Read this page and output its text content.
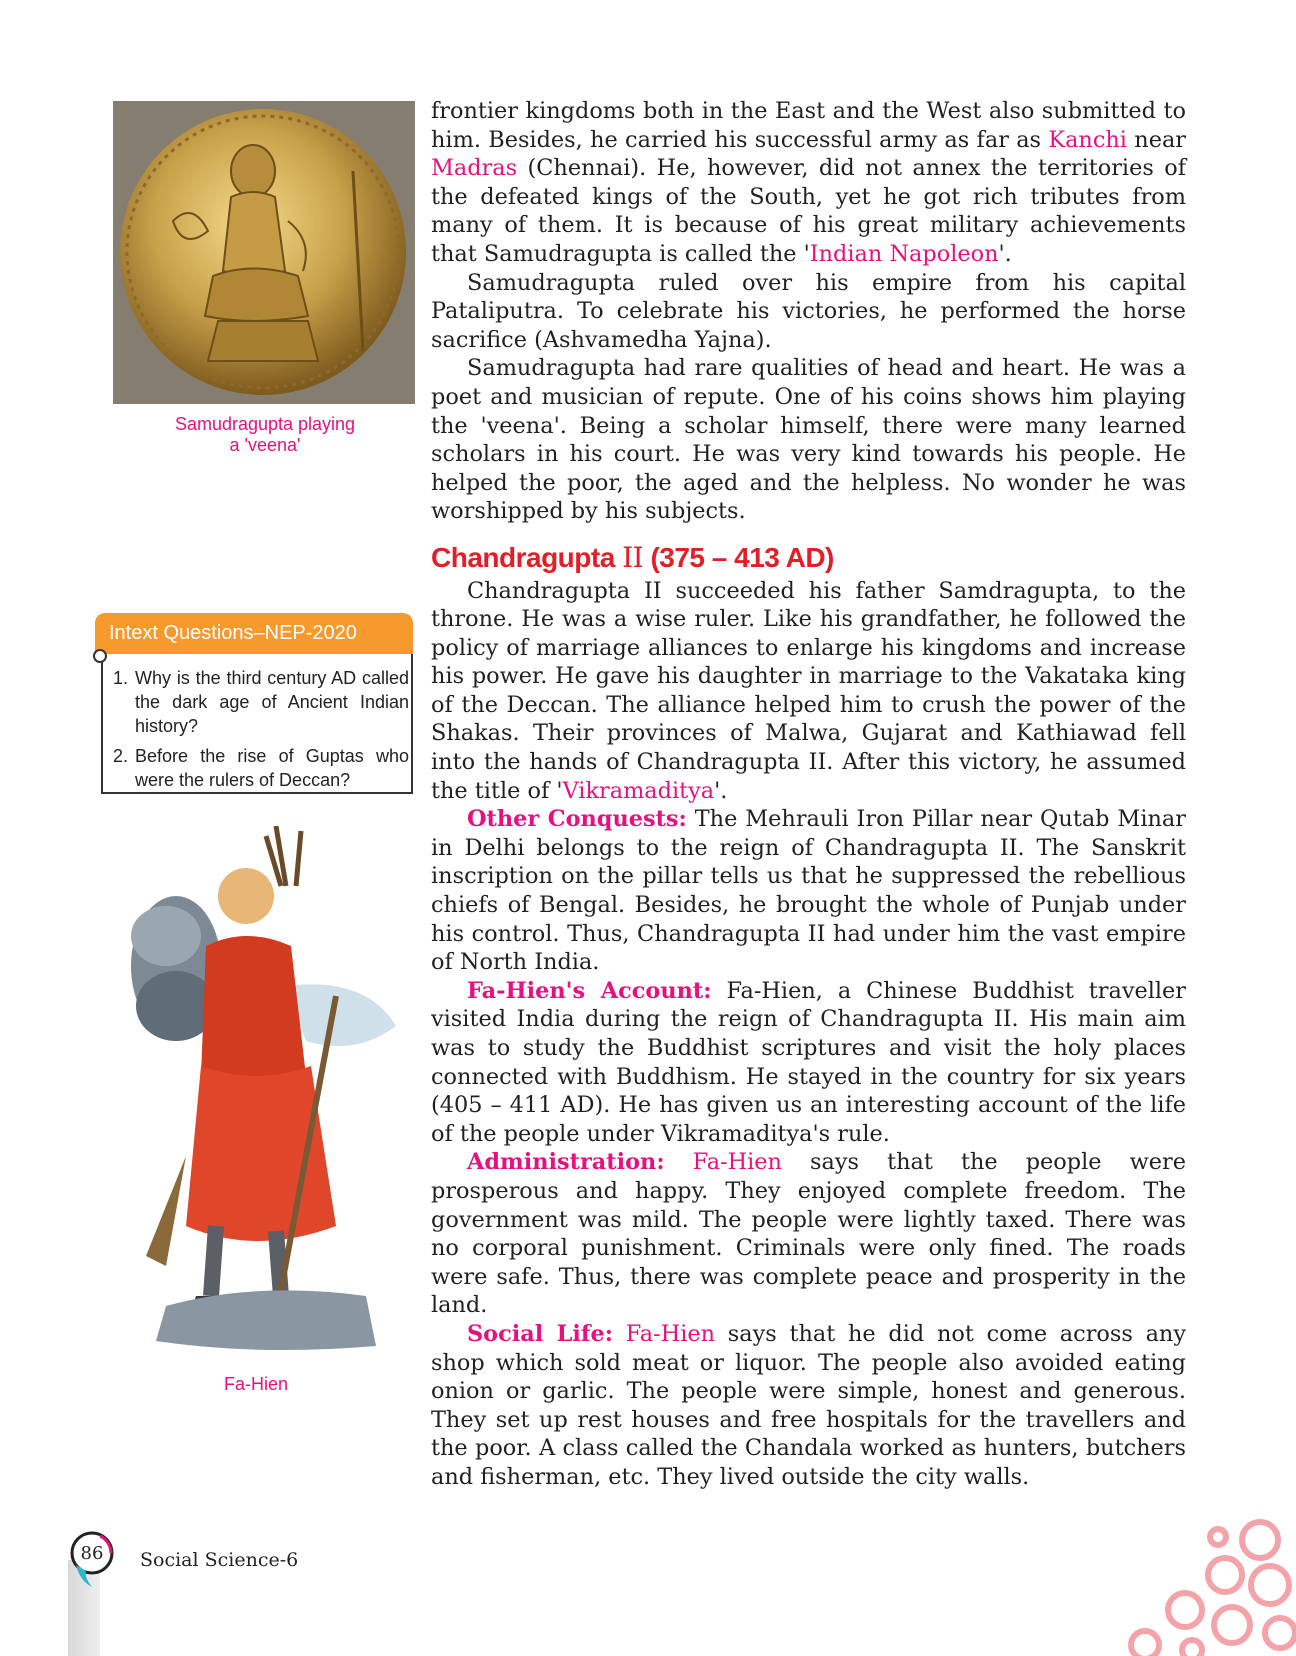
Samudragupta playing
a 'veena'
Intext Questions–NEP-2020
1. Why is the third century AD called the dark age of Ancient Indian history?
2. Before the rise of Guptas who were the rulers of Deccan?
Fa-Hien

frontier kingdoms both in the East and the West also submitted to him. Besides, he carried his successful army as far as Kanchi near Madras (Chennai). He, however, did not annex the territories of the defeated kings of the South, yet he got rich tributes from many of them. It is because of his great military achievements that Samudragupta is called the 'Indian Napoleon'.

Samudragupta ruled over his empire from his capital Pataliputra. To celebrate his victories, he performed the horse sacrifice (Ashvamedha Yajna).

Samudragupta had rare qualities of head and heart. He was a poet and musician of repute. One of his coins shows him playing the 'veena'. Being a scholar himself, there were many learned scholars in his court. He was very kind towards his people. He helped the poor, the aged and the helpless. No wonder he was worshipped by his subjects.

Chandragupta II (375 – 413 AD)

Chandragupta II succeeded his father Samdragupta, to the throne. He was a wise ruler. Like his grandfather, he followed the policy of marriage alliances to enlarge his kingdoms and increase his power. He gave his daughter in marriage to the Vakataka king of the Deccan. The alliance helped him to crush the power of the Shakas. Their provinces of Malwa, Gujarat and Kathiawad fell into the hands of Chandragupta II. After this victory, he assumed the title of 'Vikramaditya'.

Other Conquests: The Mehrauli Iron Pillar near Qutab Minar in Delhi belongs to the reign of Chandragupta II. The Sanskrit inscription on the pillar tells us that he suppressed the rebellious chiefs of Bengal. Besides, he brought the whole of Punjab under his control. Thus, Chandragupta II had under him the vast empire of North India.

Fa-Hien's Account: Fa-Hien, a Chinese Buddhist traveller visited India during the reign of Chandragupta II. His main aim was to study the Buddhist scriptures and visit the holy places connected with Buddhism. He stayed in the country for six years (405 – 411 AD). He has given us an interesting account of the life of the people under Vikramaditya's rule.

Administration: Fa-Hien says that the people were prosperous and happy. They enjoyed complete freedom. The government was mild. The people were lightly taxed. There was no corporal punishment. Criminals were only fined. The roads were safe. Thus, there was complete peace and prosperity in the land.

Social Life: Fa-Hien says that he did not come across any shop which sold meat or liquor. The people also avoided eating onion or garlic. The people were simple, honest and generous. They set up rest houses and free hospitals for the travellers and the poor. A class called the Chandala worked as hunters, butchers and fisherman, etc. They lived outside the city walls.

86	Social Science-6
